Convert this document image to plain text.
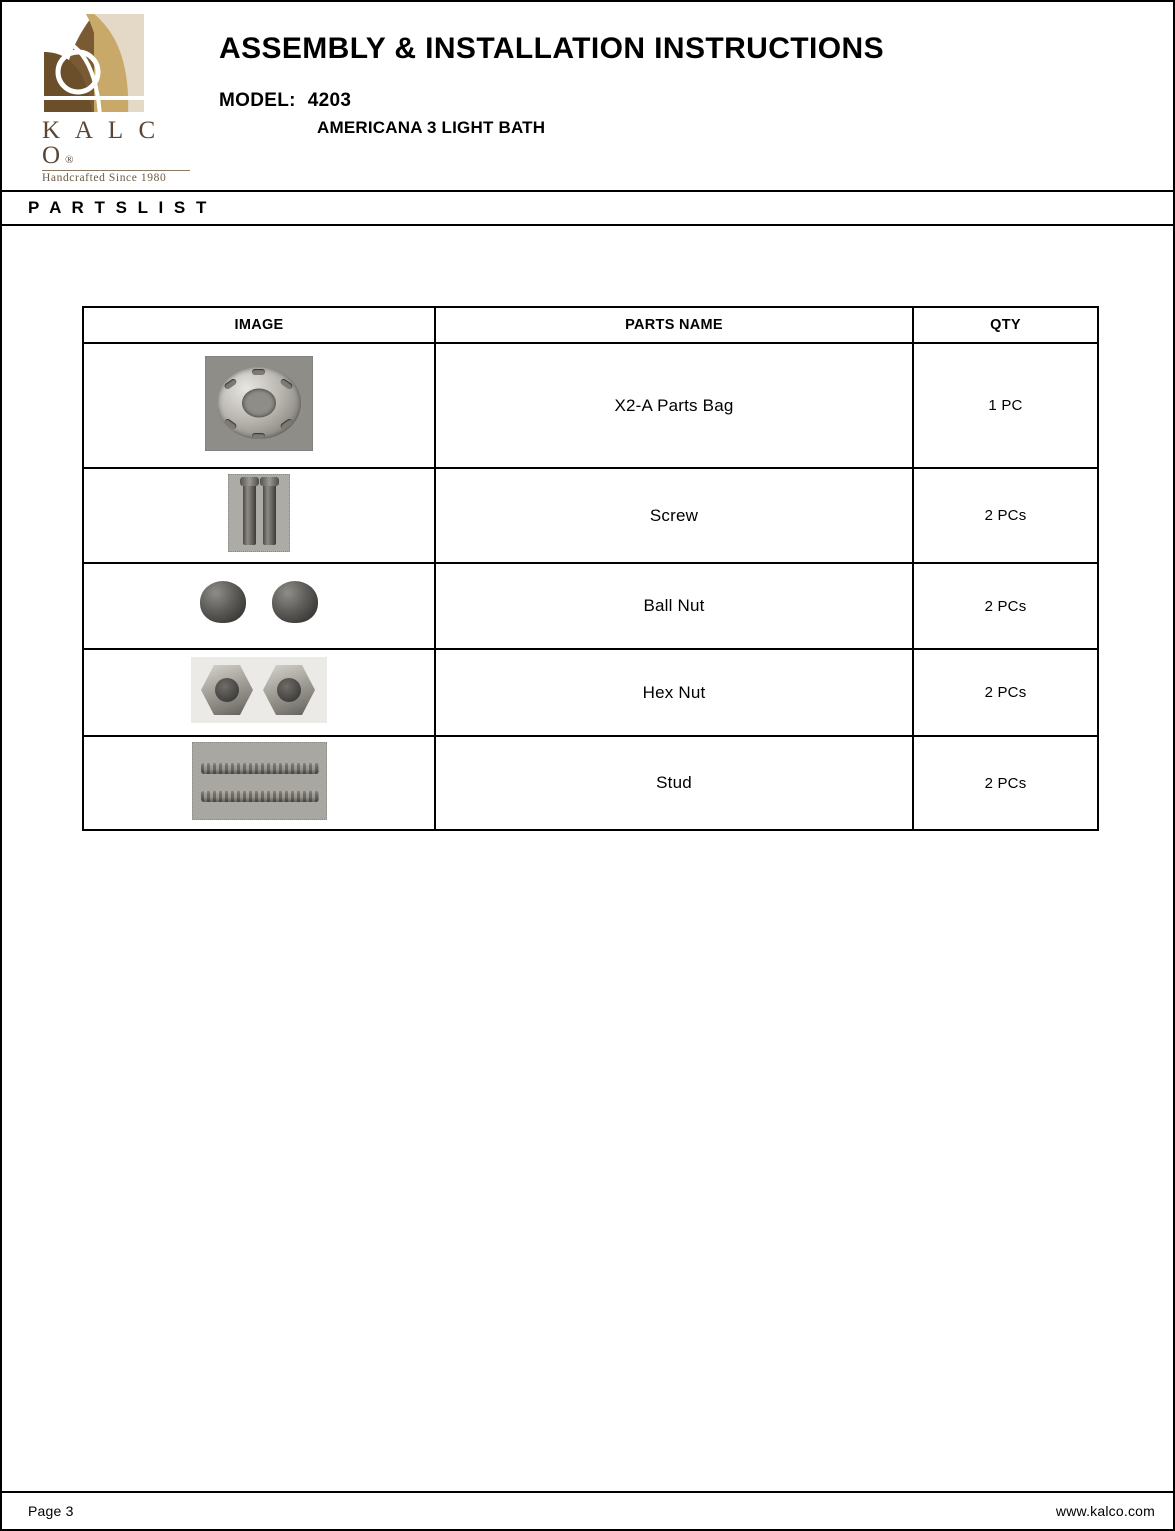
K A L C O®
Handcrafted Since 1980
ASSEMBLY & INSTALLATION INSTRUCTIONS
MODEL: 4203
AMERICANA 3 LIGHT BATH
P A R T S L I S T
IMAGE	PARTS NAME	QTY

	X2-A Parts Bag	1 PC

	Screw	2 PCs

	Ball Nut	2 PCs

	Hex Nut	2 PCs

	Stud	2 PCs
Page 3	www.kalco.com
